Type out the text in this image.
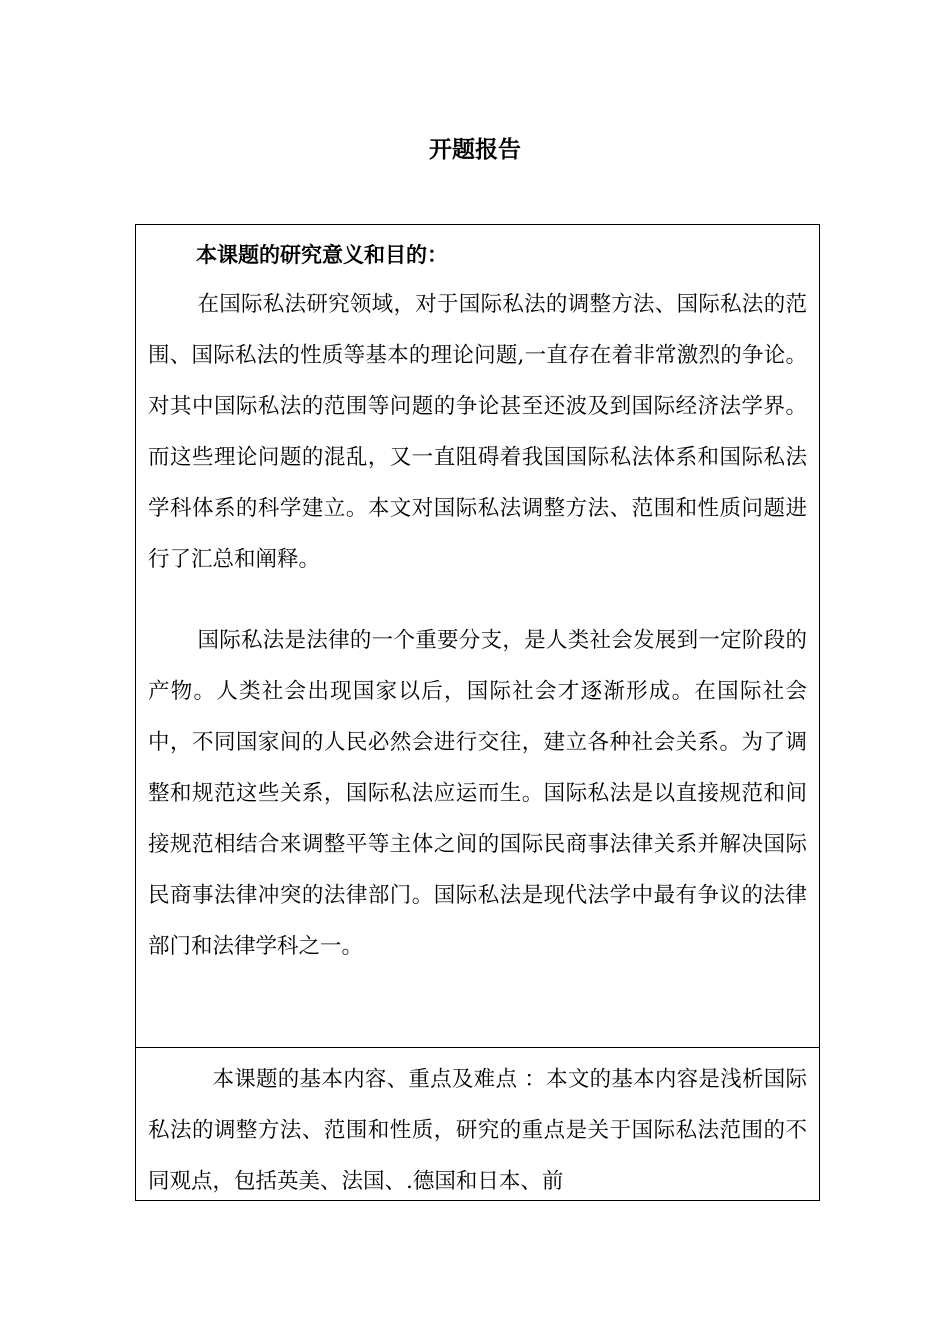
开题报告
本课题的研究意义和目的：

在国际私法研究领域，对于国际私法的调整方法、国际私法的范围、国际私法的性质等基本的理论问题,一直存在着非常激烈的争论。对其中国际私法的范围等问题的争论甚至还波及到国际经济法学界。而这些理论问题的混乱，又一直阻碍着我国国际私法体系和国际私法学科体系的科学建立。本文对国际私法调整方法、范围和性质问题进行了汇总和阐释。

国际私法是法律的一个重要分支，是人类社会发展到一定阶段的产物。人类社会出现国家以后，国际社会才逐渐形成。在国际社会中，不同国家间的人民必然会进行交往，建立各种社会关系。为了调整和规范这些关系，国际私法应运而生。国际私法是以直接规范和间接规范相结合来调整平等主体之间的国际民商事法律关系并解决国际民商事法律冲突的法律部门。国际私法是现代法学中最有争议的法律部门和法律学科之一。

本课题的基本内容、重点及难点 ：本文的基本内容是浅析国际私法的调整方法、范围和性质，研究的重点是关于国际私法范围的不同观点，包括英美、法国、.德国和日本、前
